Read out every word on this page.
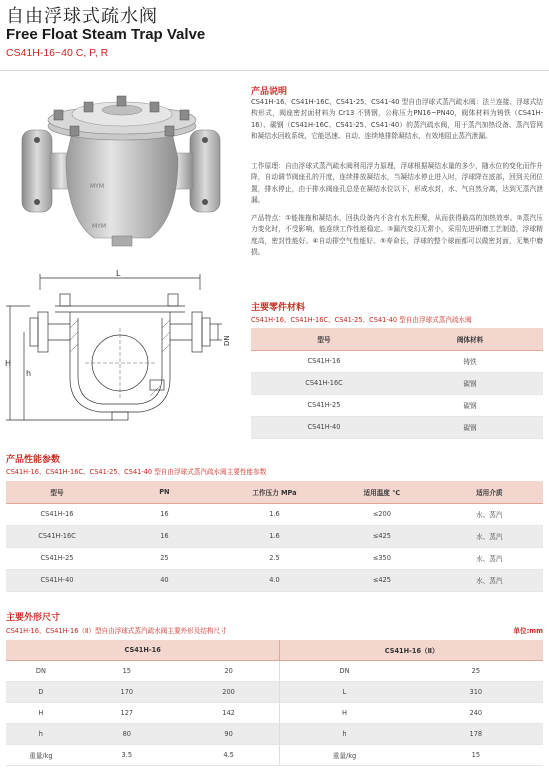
自由浮球式疏水阀
Free Float Steam Trap Valve
CS41H-16~40 C, P, R
MYM
MYM
L
H
h
DN
产品说明
CS41H-16、CS41H-16C、CS41-25、CS41-40 型自由浮球式蒸汽疏水阀：法兰连接、浮球式结构形式，阀座密封面材料为 Cr13 不锈钢，公称压力PN16~PN40，阀体材料为铸铁（CS41H-16）、碳钢（CS41H-16C、CS41-25、CS41-40）的蒸汽疏水阀，用于蒸汽加热设备、蒸汽管网和凝结水回收系统，它能迅速、自动、连续地排除凝结水，有效地阻止蒸汽泄漏。
工作原理：自由浮球式蒸汽疏水阀利用浮力原理，浮球根据凝结水量的多少，随水位的变化而作升降，自动调节阀座孔的开度，连续排放凝结水，当凝结水停止进入时，浮球降在底部，回到关闭位置，排水停止，由于排水阀座孔总是在凝结水位以下，形成水封，水、气自然分离，达到无蒸汽泄漏。
产品特点：①能拖拖和凝结水，回执设备内不含有水先积聚，从而获得最高的加热效率。②蒸汽压力变化时，不受影响，能连续工作性能稳定。③漏汽变幻无常小，采用先进研磨工艺制造，浮球精度高，密封性能好。④自动排空气性能好。⑤寿命长，浮球的整个球面都可以做密封面，无集中磨损。
主要零件材料
CS41H-16、CS41H-16C、CS41-25、CS41-40 型自由浮球式蒸汽疏水阀
型号	阀体材料
CS41H-16	铸铁
CS41H-16C	碳钢
CS41H-25	碳钢
CS41H-40	碳钢
产品性能参数
CS41H-16、CS41H-16C、CS41-25、CS41-40 型自由浮球式蒸汽疏水阀主要性能参数
型号	PN	工作压力 MPa	适用温度 ℃	适用介质
CS41H-16	16	1.6	≤200	水、蒸汽
CS41H-16C	16	1.6	≤425	水、蒸汽
CS41H-25	25	2.5	≤350	水、蒸汽
CS41H-40	40	4.0	≤425	水、蒸汽
主要外形尺寸
CS41H-16、CS41H-16（Ⅱ）型自由浮球式蒸汽疏水阀主要外形及结构尺寸	单位:mm
CS41H-16			CS41H-16（Ⅱ）	
DN	15	20	DN	25
D	170	200	L	310
H	127	142	H	240
h	80	90	h	178
重量/kg	3.5	4.5	重量/kg	15
